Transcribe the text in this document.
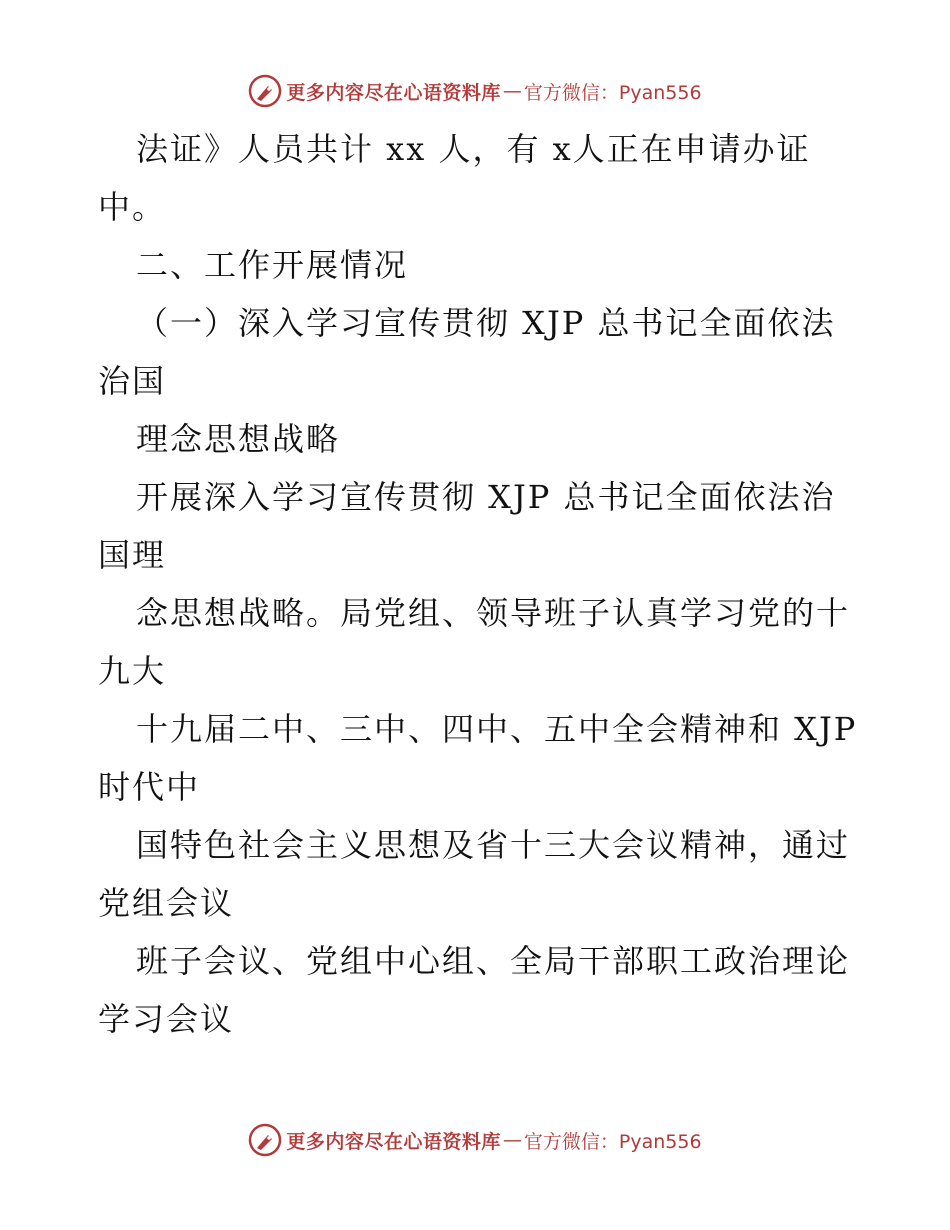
更多内容尽在心语资料库 — 官方微信：Pyan556
法证》人员共计 xx 人，有 x人正在申请办证
中。
二、工作开展情况
（一）深入学习宣传贯彻 XJP 总书记全面依法
治国
理念思想战略
开展深入学习宣传贯彻 XJP 总书记全面依法治
国理
念思想战略。局党组、领导班子认真学习党的十
九大
十九届二中、三中、四中、五中全会精神和 XJP
时代中
国特色社会主义思想及省十三大会议精神，通过
党组会议
班子会议、党组中心组、全局干部职工政治理论
学习会议
更多内容尽在心语资料库 — 官方微信：Pyan556
